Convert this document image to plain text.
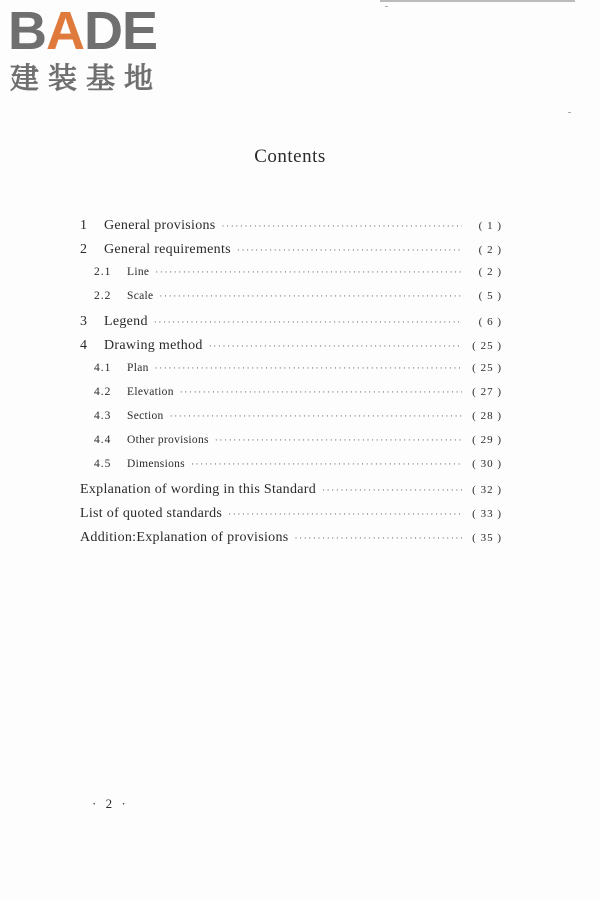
BADE
建装基地
Contents
1	General provisions ·····	( 1 )
2	General requirements ·····	( 2 )
2.1	Line ·····	( 2 )
2.2	Scale ·····	( 5 )
3	Legend ·····	( 6 )
4	Drawing method ·····	( 25 )
4.1	Plan ·····	( 25 )
4.2	Elevation ·····	( 27 )
4.3	Section ·····	( 28 )
4.4	Other provisions ·····	( 29 )
4.5	Dimensions ·····	( 30 )
Explanation of wording in this Standard ·····	( 32 )
List of quoted standards ·····	( 33 )
Addition:Explanation of provisions ·····	( 35 )
· 2 ·
